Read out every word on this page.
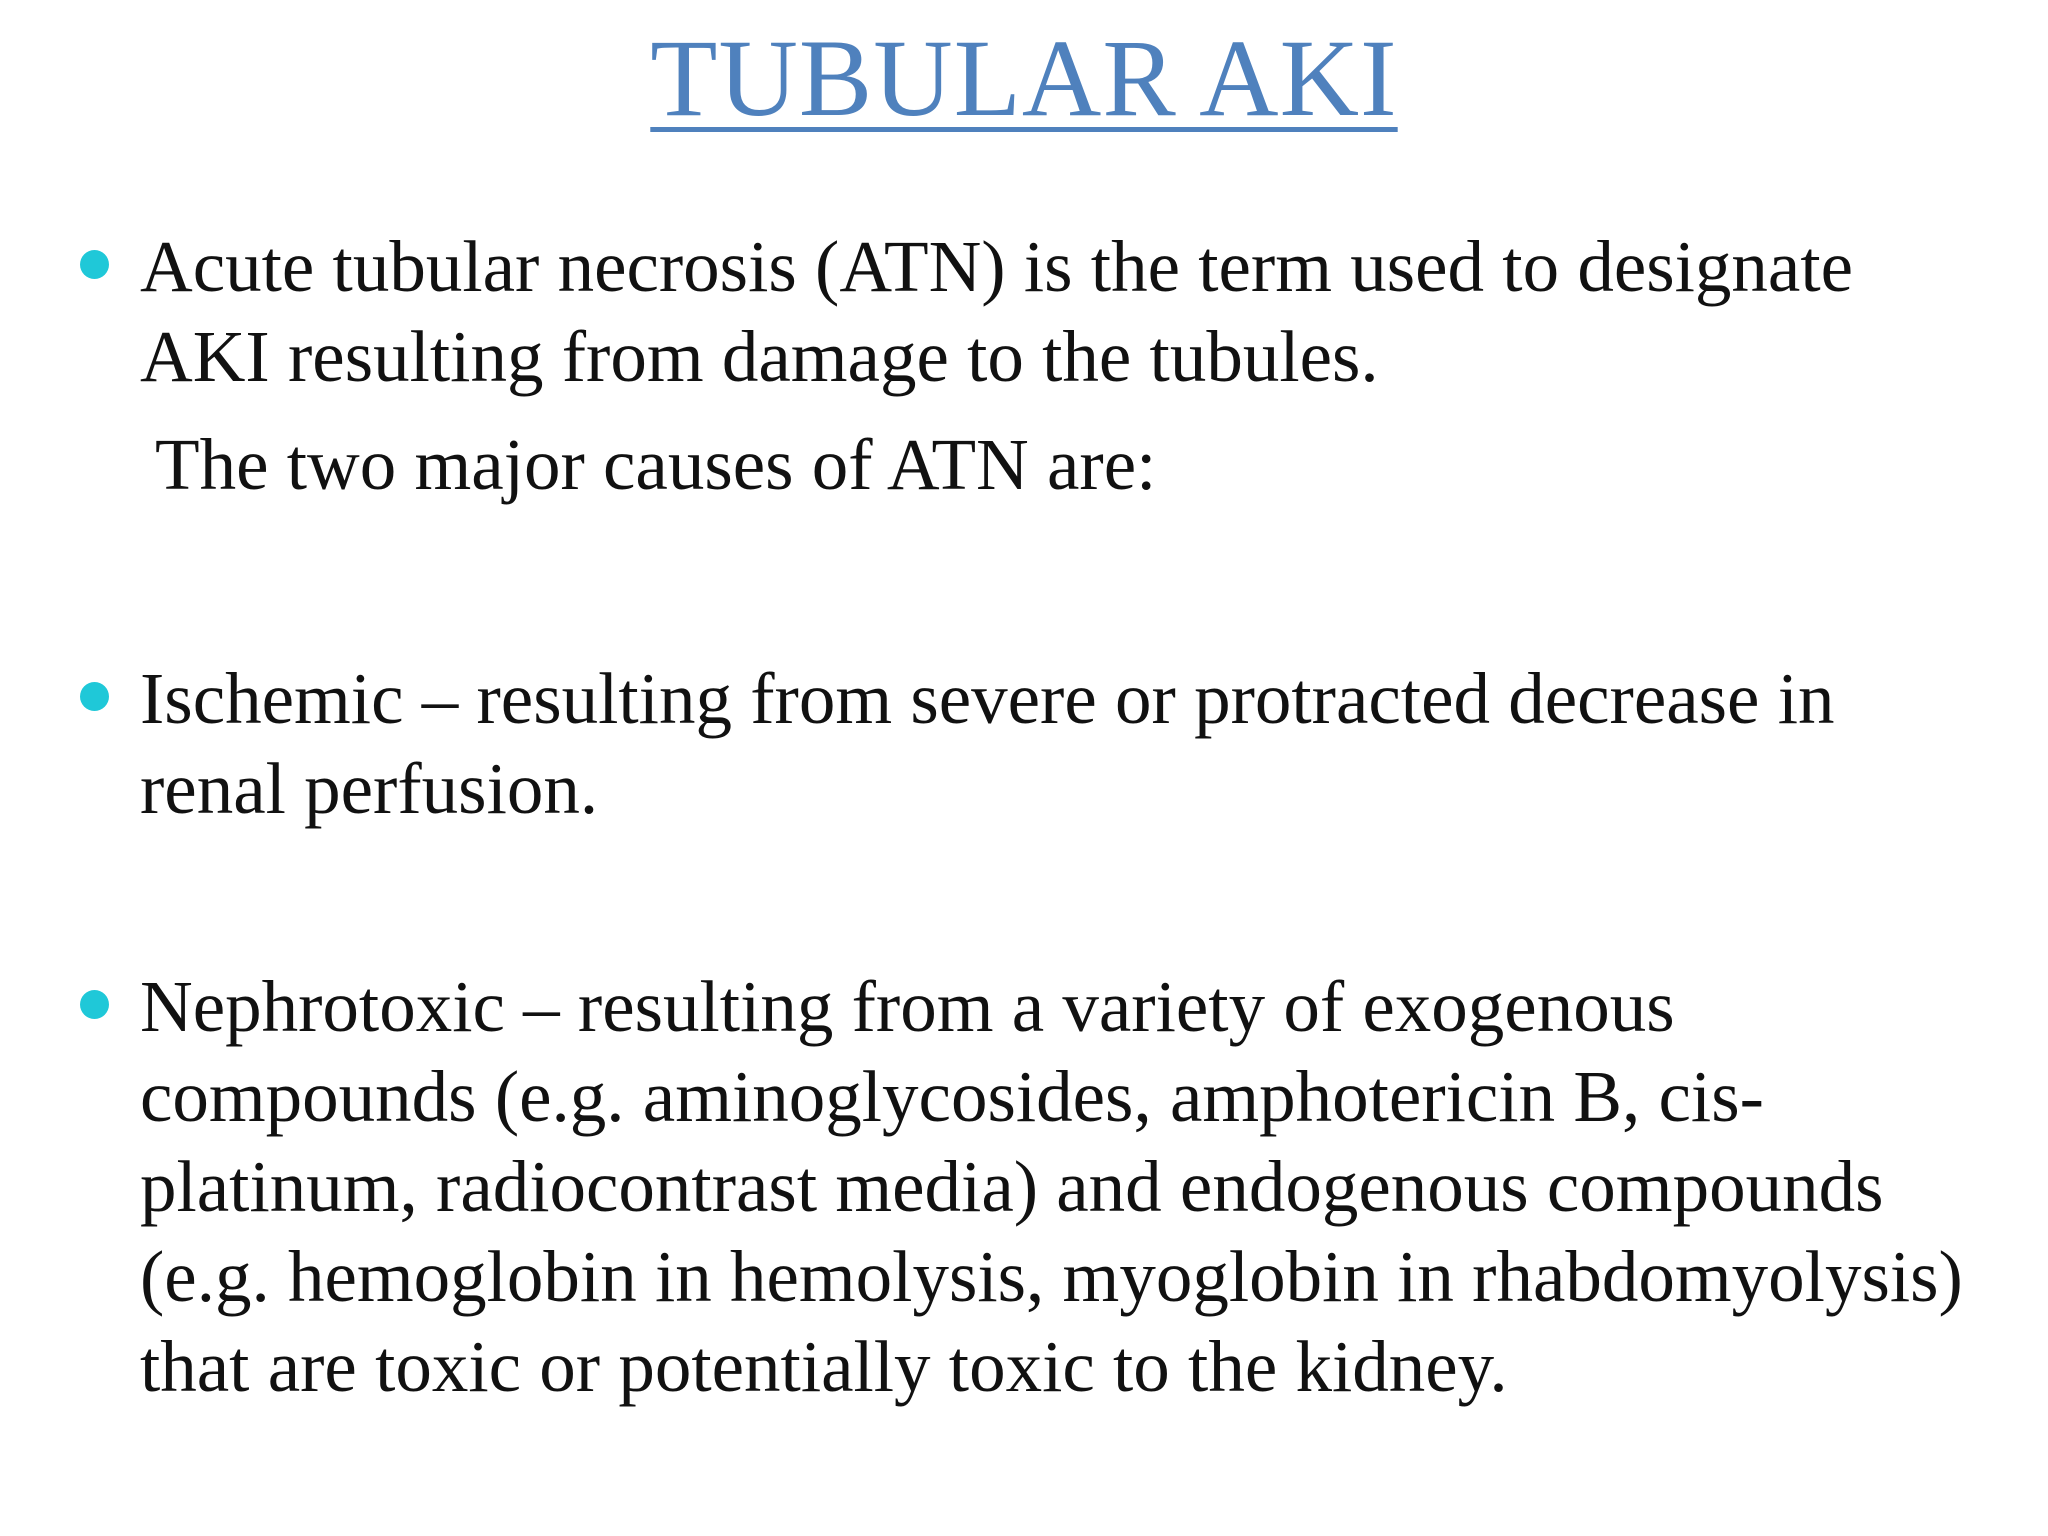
TUBULAR AKI
Acute tubular necrosis (ATN) is the term used to designate AKI resulting from damage to the tubules.
The two major causes of ATN are:
Ischemic – resulting from severe or protracted decrease in renal perfusion.
Nephrotoxic – resulting from a variety of exogenous compounds (e.g. aminoglycosides, amphotericin B, cis-platinum, radiocontrast media) and endogenous compounds (e.g. hemoglobin in hemolysis, myoglobin in rhabdomyolysis) that are toxic or potentially toxic to the kidney.
